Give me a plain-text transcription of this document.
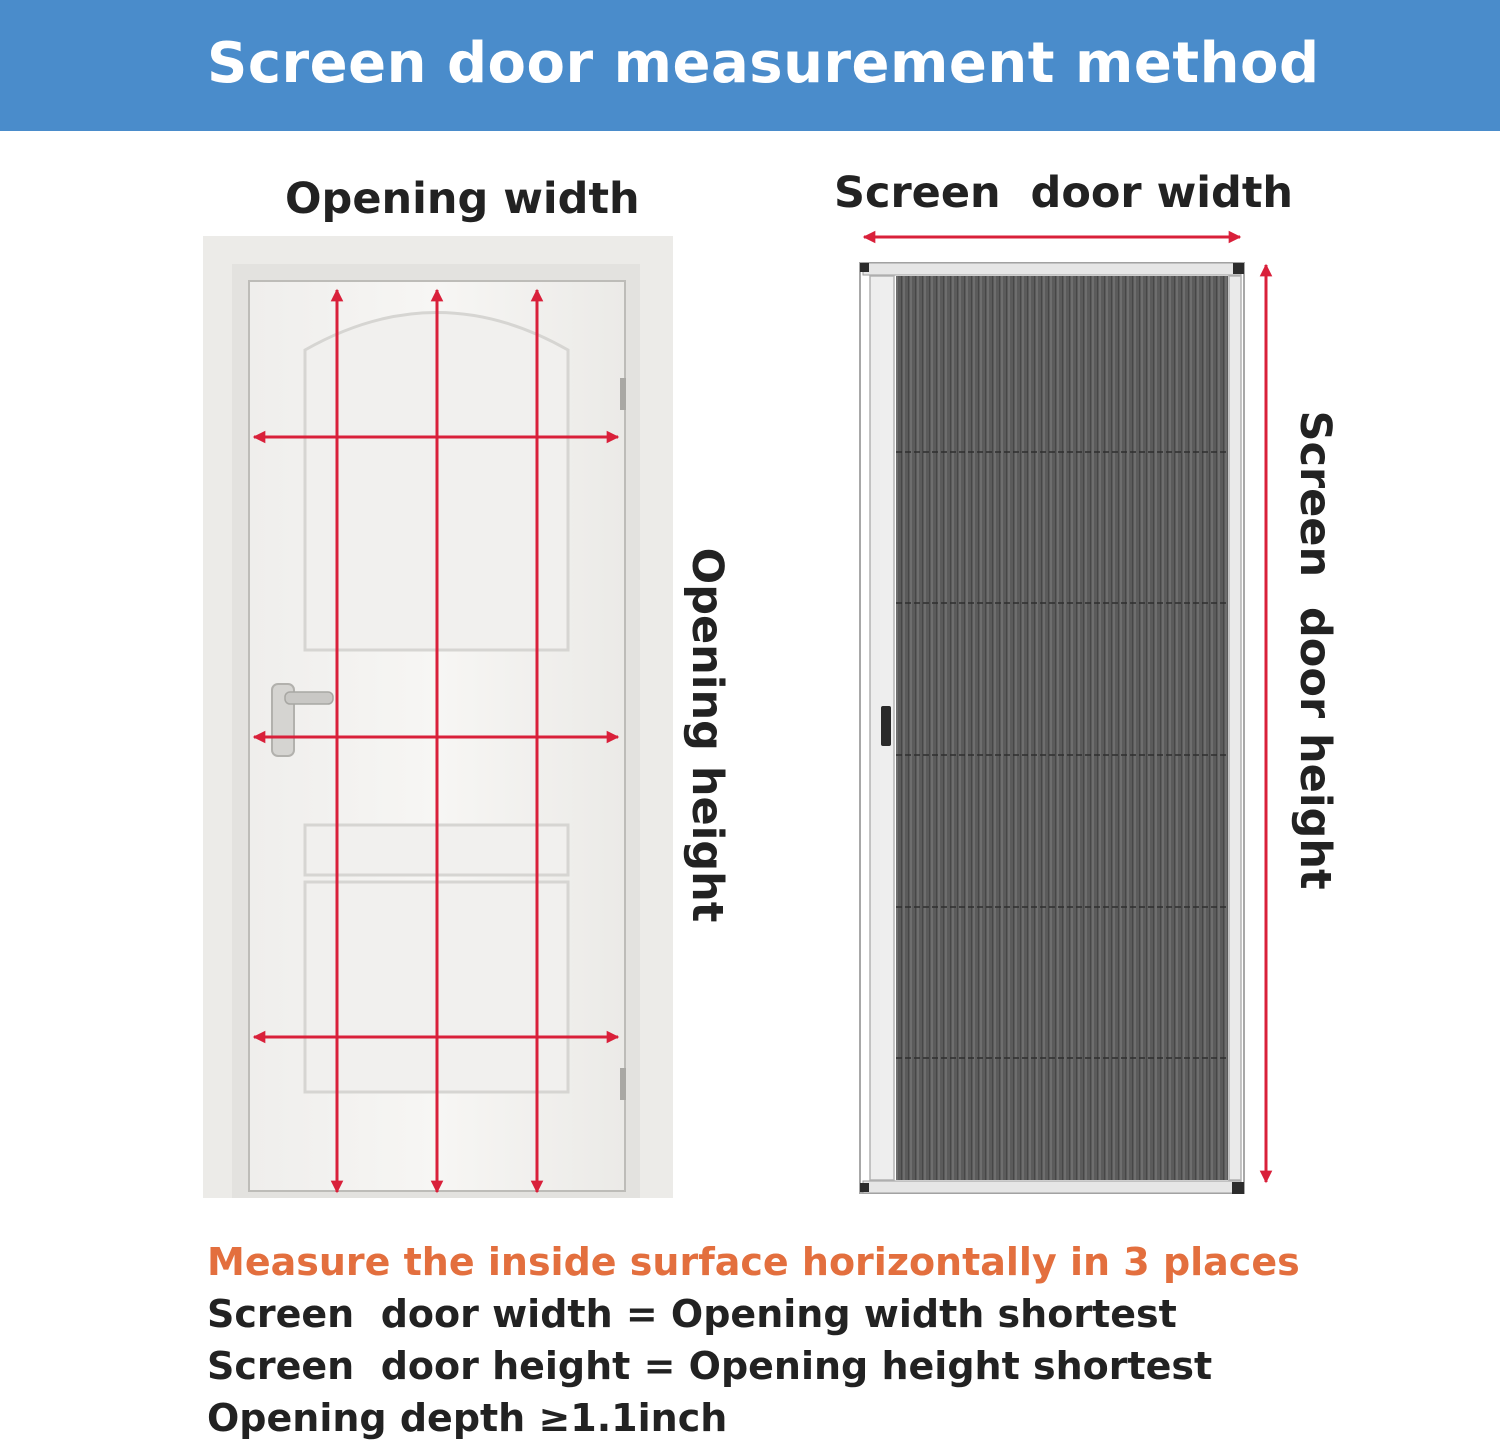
Screen door measurement method
Opening width	Screen  door width
Opening height	Screen  door height
Measure the inside surface horizontally in 3 places
Screen  door width = Opening width shortest
Screen  door height = Opening height shortest
Opening depth ≥1.1inch
